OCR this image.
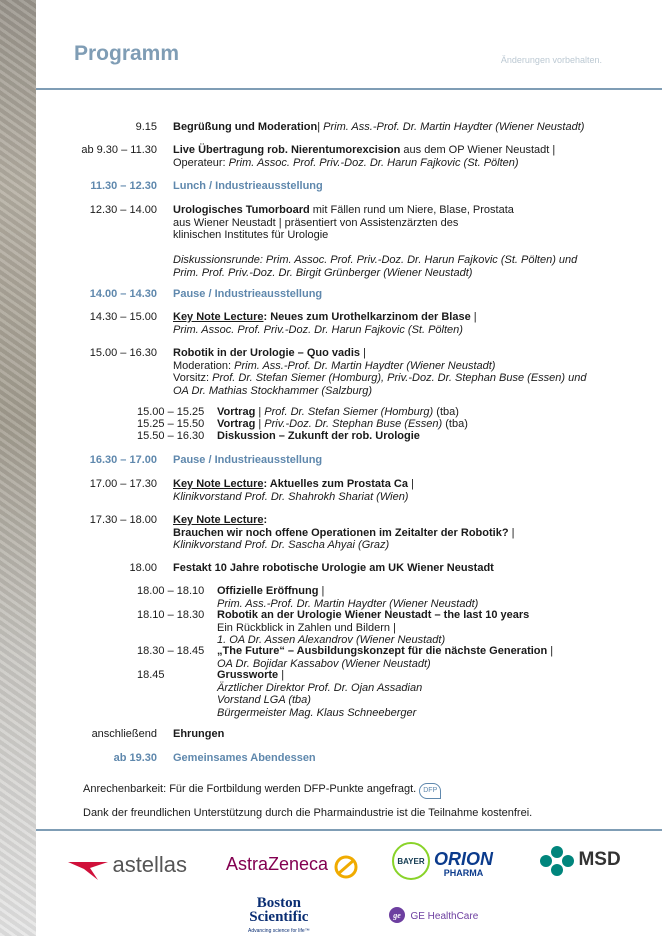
Programm	Änderungen vorbehalten.
9.15 Begrüßung und Moderation| Prim. Ass.-Prof. Dr. Martin Haydter (Wiener Neustadt)
ab 9.30 – 11.30 Live Übertragung rob. Nierentumorexcision aus dem OP Wiener Neustadt |
Operateur: Prim. Assoc. Prof. Priv.-Doz. Dr. Harun Fajkovic (St. Pölten)
11.30 – 12.30 Lunch / Industrieausstellung
12.30 – 14.00 Urologisches Tumorboard mit Fällen rund um Niere, Blase, Prostata
aus Wiener Neustadt | präsentiert von Assistenzärzten des
klinischen Institutes für Urologie

Diskussionsrunde: Prim. Assoc. Prof. Priv.-Doz. Dr. Harun Fajkovic (St. Pölten) und
Prim. Prof. Priv.-Doz. Dr. Birgit Grünberger (Wiener Neustadt)
14.00 – 14.30 Pause / Industrieausstellung
14.30 – 15.00 Key Note Lecture: Neues zum Urothelkarzinom der Blase |
Prim. Assoc. Prof. Priv.-Doz. Dr. Harun Fajkovic (St. Pölten)
15.00 – 16.30 Robotik in der Urologie – Quo vadis |
Moderation: Prim. Ass.-Prof. Dr. Martin Haydter (Wiener Neustadt)
Vorsitz: Prof. Dr. Stefan Siemer (Homburg), Priv.-Doz. Dr. Stephan Buse (Essen) und
OA Dr. Mathias Stockhammer (Salzburg)
15.00 – 15.25 Vortrag | Prof. Dr. Stefan Siemer (Homburg) (tba)
15.25 – 15.50 Vortrag | Priv.-Doz. Dr. Stephan Buse (Essen) (tba)
15.50 – 16.30 Diskussion – Zukunft der rob. Urologie
16.30 – 17.00 Pause / Industrieausstellung
17.00 – 17.30 Key Note Lecture: Aktuelles zum Prostata Ca |
Klinikvorstand Prof. Dr. Shahrokh Shariat (Wien)
17.30 – 18.00 Key Note Lecture:
Brauchen wir noch offene Operationen im Zeitalter der Robotik? |
Klinikvorstand Prof. Dr. Sascha Ahyai (Graz)
18.00 Festakt 10 Jahre robotische Urologie am UK Wiener Neustadt
18.00 – 18.10 Offizielle Eröffnung |
Prim. Ass.-Prof. Dr. Martin Haydter (Wiener Neustadt)
18.10 – 18.30 Robotik an der Urologie Wiener Neustadt – the last 10 years
Ein Rückblick in Zahlen und Bildern |
1. OA Dr. Assen Alexandrov (Wiener Neustadt)
18.30 – 18.45 „The Future“ – Ausbildungskonzept für die nächste Generation |
OA Dr. Bojidar Kassabov (Wiener Neustadt)
18.45	Grussworte |
Ärztlicher Direktor Prof. Dr. Ojan Assadian
Vorstand LGA (tba)
Bürgermeister Mag. Klaus Schneeberger
anschließend Ehrungen
ab 19.30 Gemeinsames Abendessen
Anrechenbarkeit: Für die Fortbildung werden DFP-Punkte angefragt. DFP
Dank der freundlichen Unterstützung durch die Pharmaindustrie ist die Teilnahme kostenfrei.
astellas AstraZeneca	BAYER ORION
PHARMA
MSD
Boston
Scientific
Advancing science for life™
ge GE HealthCare
